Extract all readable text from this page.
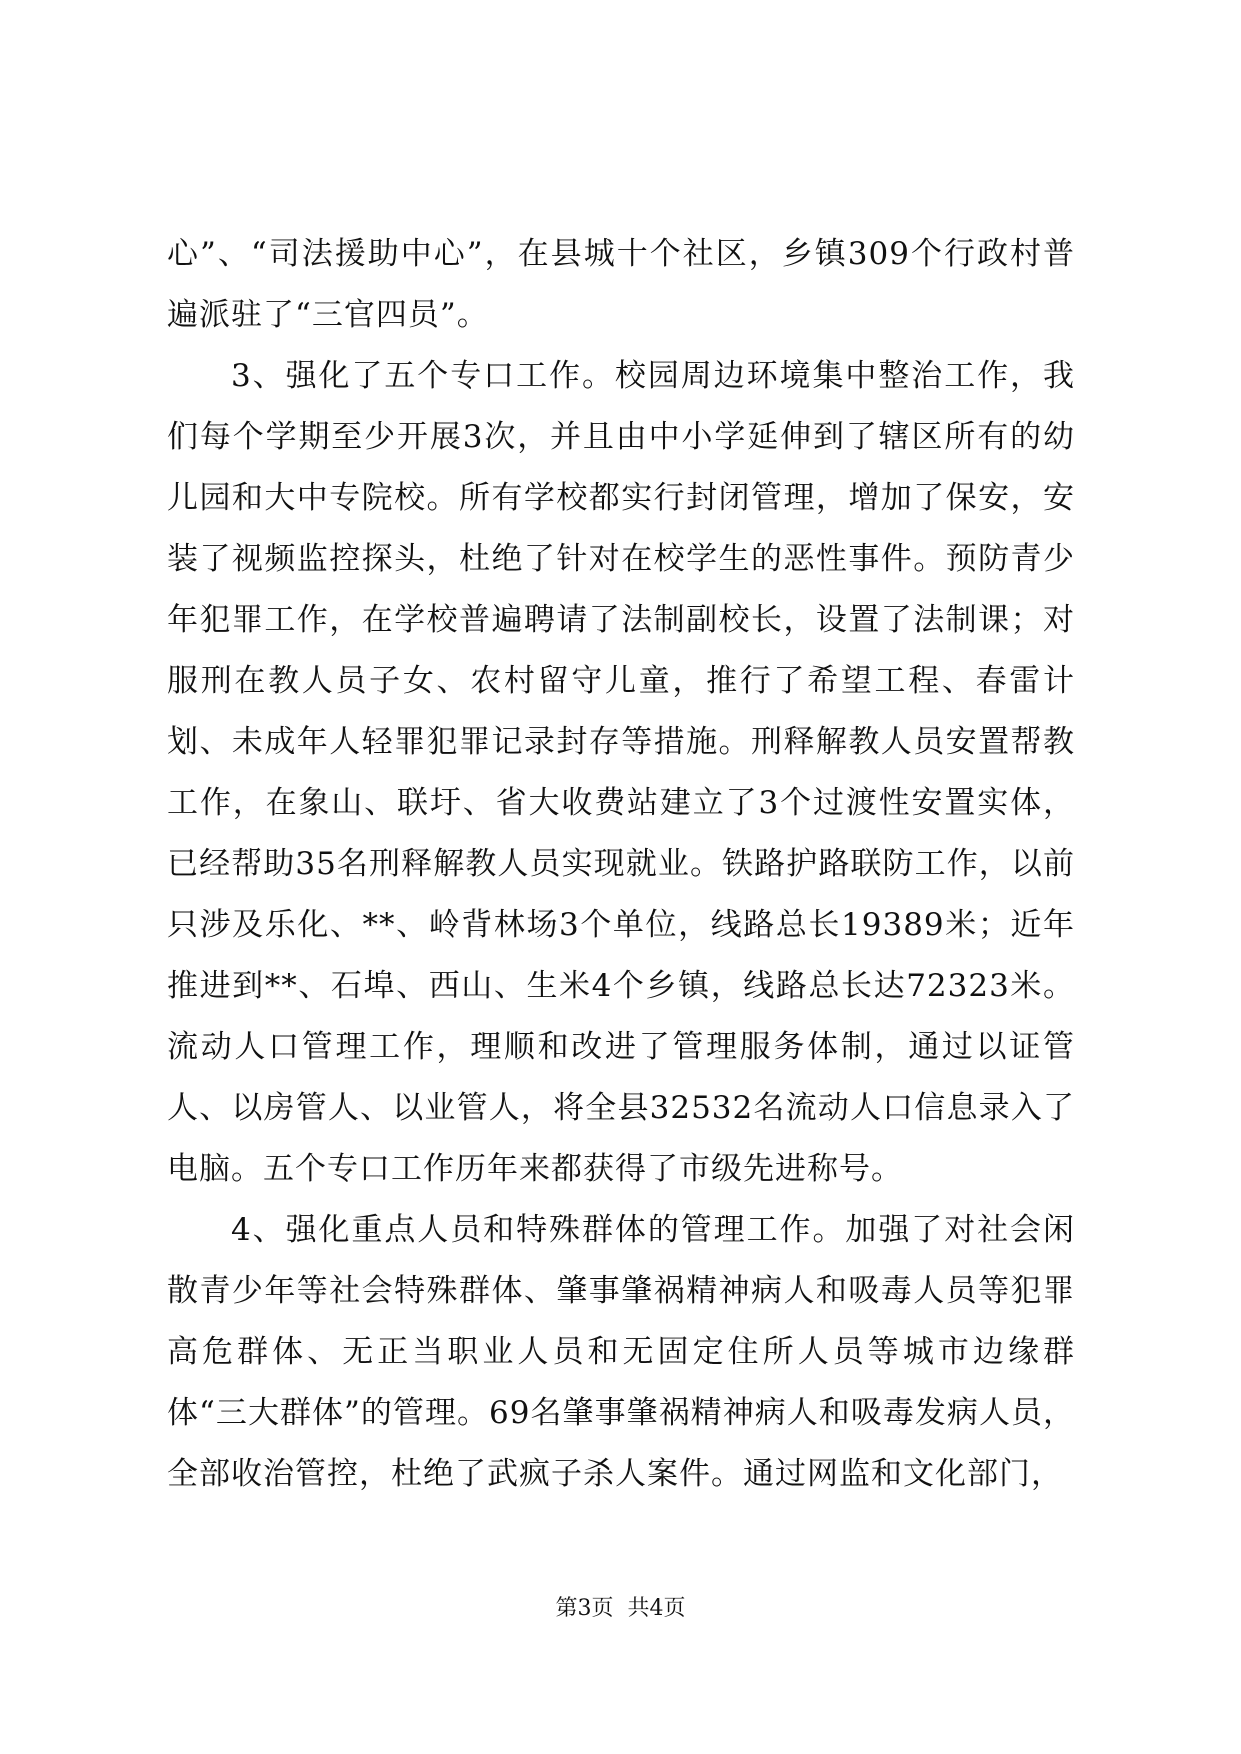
心”、“司法援助中心”，在县城十个社区，乡镇309个行政村普遍派驻了“三官四员”。

3、强化了五个专口工作。校园周边环境集中整治工作，我们每个学期至少开展3次，并且由中小学延伸到了辖区所有的幼儿园和大中专院校。所有学校都实行封闭管理，增加了保安，安装了视频监控探头，杜绝了针对在校学生的恶性事件。预防青少年犯罪工作，在学校普遍聘请了法制副校长，设置了法制课；对服刑在教人员子女、农村留守儿童，推行了希望工程、春雷计划、未成年人轻罪犯罪记录封存等措施。刑释解教人员安置帮教工作，在象山、联圩、省大收费站建立了3个过渡性安置实体，已经帮助35名刑释解教人员实现就业。铁路护路联防工作，以前只涉及乐化、**、岭背林场3个单位，线路总长19389米；近年推进到**、石埠、西山、生米4个乡镇，线路总长达72323米。流动人口管理工作，理顺和改进了管理服务体制，通过以证管人、以房管人、以业管人，将全县32532名流动人口信息录入了电脑。五个专口工作历年来都获得了市级先进称号。

4、强化重点人员和特殊群体的管理工作。加强了对社会闲散青少年等社会特殊群体、肇事肇祸精神病人和吸毒人员等犯罪高危群体、无正当职业人员和无固定住所人员等城市边缘群体“三大群体”的管理。69名肇事肇祸精神病人和吸毒发病人员，全部收治管控，杜绝了武疯子杀人案件。通过网监和文化部门，

第3页  共4页
